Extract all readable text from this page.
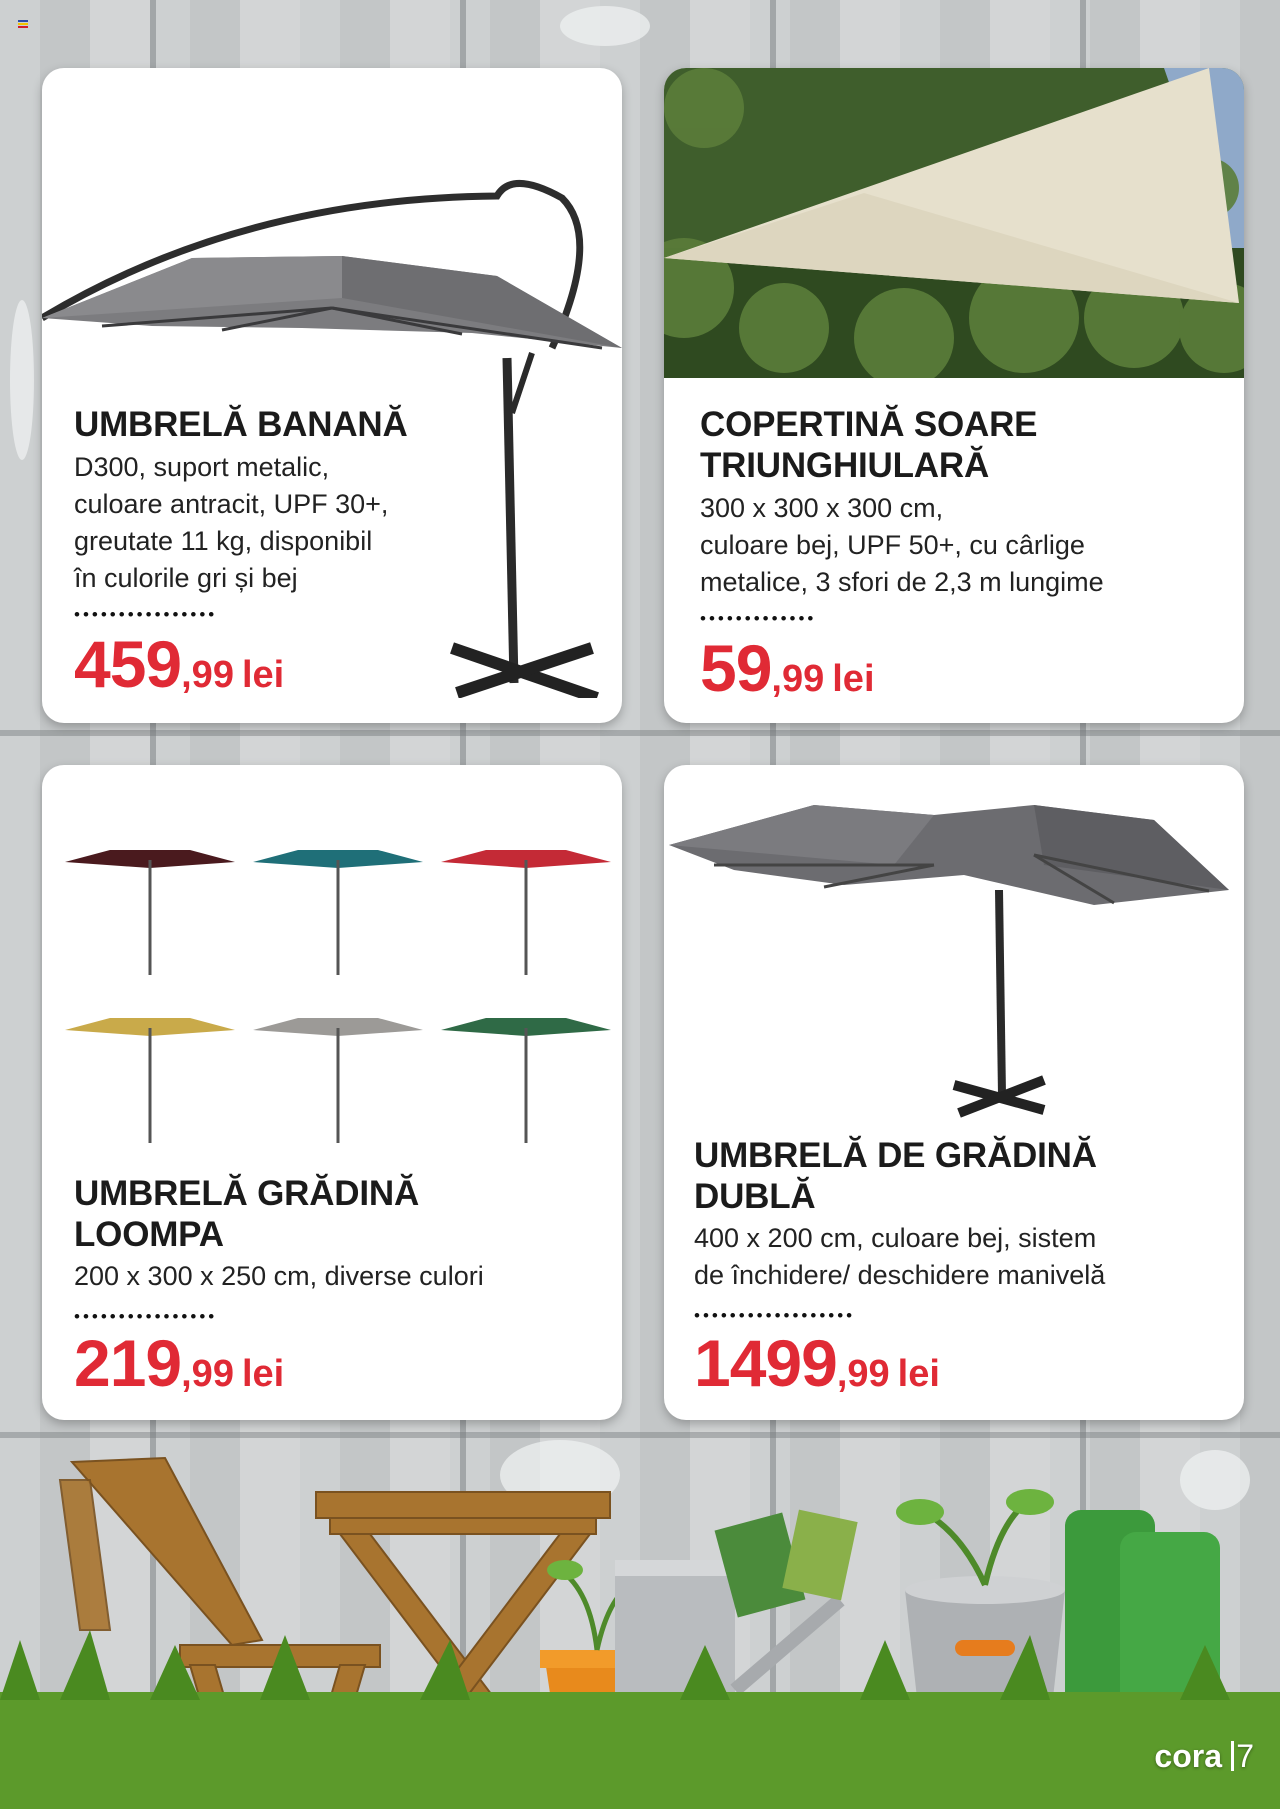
UMBRELĂ BANANĂ
D300, suport metalic,
culoare antracit, UPF 30+,
greutate 11 kg, disponibil
în culorile gri și bej
••••••••••••••••
459,99 lei
COPERTINĂ SOARE
TRIUNGHIULARĂ
300 x 300 x 300 cm,
culoare bej, UPF 50+, cu cârlige
metalice, 3 sfori de 2,3 m lungime
•••••••••••••
59,99 lei
UMBRELĂ GRĂDINĂ
LOOMPA
200 x 300 x 250 cm, diverse culori
••••••••••••••••
219,99 lei
UMBRELĂ DE GRĂDINĂ
DUBLĂ
400 x 200 cm, culoare bej, sistem
de închidere/ deschidere manivelă
••••••••••••••••••
1499,99 lei
cora 7
